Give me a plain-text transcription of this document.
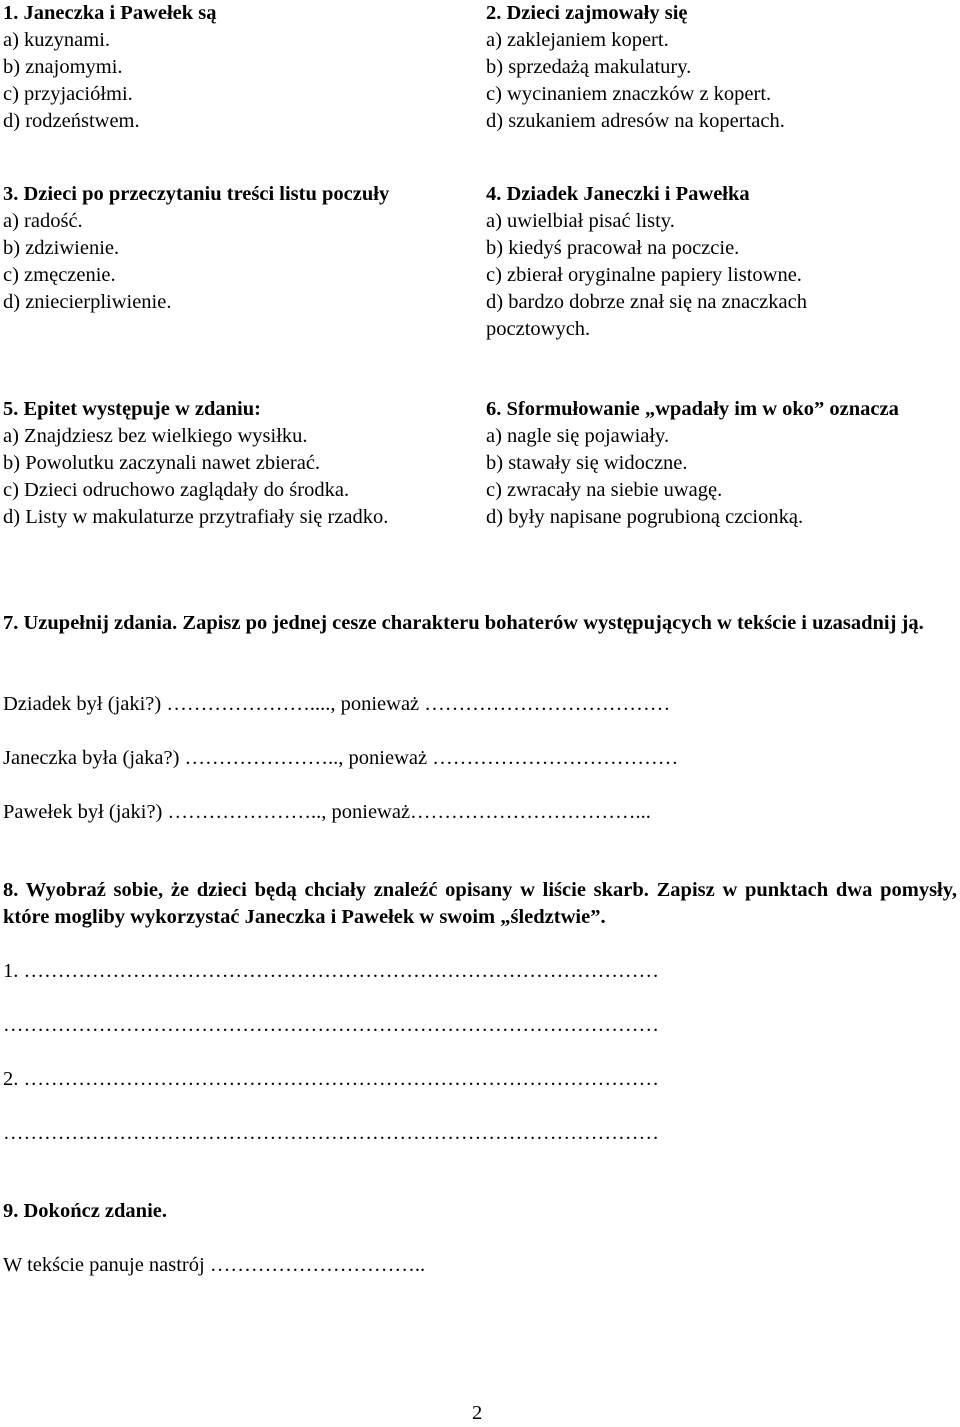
1. Janeczka i Pawełek są
a) kuzynami.
b) znajomymi.
c) przyjaciółmi.
d) rodzeństwem.
2. Dzieci zajmowały się
a) zaklejaniem kopert.
b) sprzedażą makulatury.
c) wycinaniem znaczków z kopert.
d) szukaniem adresów na kopertach.
3. Dzieci po przeczytaniu treści listu poczuły
a) radość.
b) zdziwienie.
c) zmęczenie.
d) zniecierpliwienie.
4. Dziadek Janeczki i Pawełka
a) uwielbiał pisać listy.
b) kiedyś pracował na poczcie.
c) zbierał oryginalne papiery listowne.
d) bardzo dobrze znał się na znaczkach
pocztowych.
5. Epitet występuje w zdaniu:
a) Znajdziesz bez wielkiego wysiłku.
b) Powolutku zaczynali nawet zbierać.
c) Dzieci odruchowo zaglądały do środka.
d) Listy w makulaturze przytrafiały się rzadko.
6. Sformułowanie „wpadały im w oko” oznacza
a) nagle się pojawiały.
b) stawały się widoczne.
c) zwracały na siebie uwagę.
d) były napisane pogrubioną czcionką.
7. Uzupełnij zdania. Zapisz po jednej cesze charakteru bohaterów występujących w tekście i uzasadnij ją.
Dziadek był (jaki?) …………………...., ponieważ ………………………………
Janeczka była (jaka?) ………………….., ponieważ ………………………………
Pawełek był (jaki?) ………………….., ponieważ……………………………...
8. Wyobraź sobie, że dzieci będą chciały znaleźć opisany w liście skarb. Zapisz w punktach dwa pomysły, które mogliby wykorzystać Janeczka i Pawełek w swoim „śledztwie”.
1. …………………………………………………………………………………
……………………………………………………………………………………
2. …………………………………………………………………………………
……………………………………………………………………………………
9. Dokończ zdanie.
W tekście panuje nastrój …………………………..
2
